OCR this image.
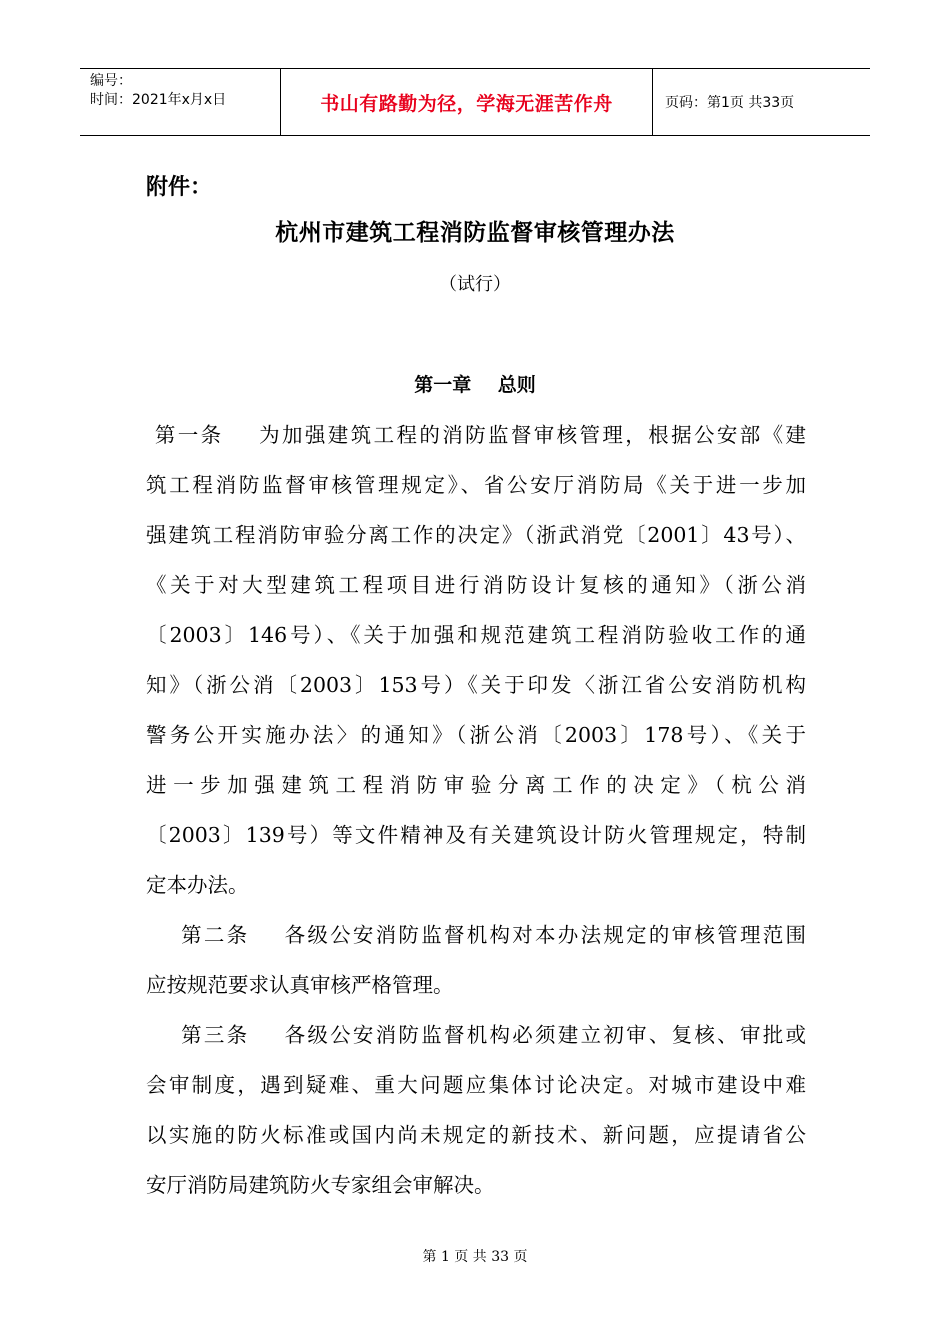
编号：
时间：2021年x月x日	书山有路勤为径，学海无涯苦作舟	页码：第1页 共33页
附件：
杭州市建筑工程消防监督审核管理办法
（试行）
第一章    总则
第一条    为加强建筑工程的消防监督审核管理，根据公安部《建
筑工程消防监督审核管理规定》、省公安厅消防局《关于进一步加
强建筑工程消防审验分离工作的决定》（浙武消党〔2001〕43号）、
《关于对大型建筑工程项目进行消防设计复核的通知》（浙公消
〔2003〕146号）、《关于加强和规范建筑工程消防验收工作的通
知》（浙公消〔2003〕153号）《关于印发〈浙江省公安消防机构
警务公开实施办法〉的通知》（浙公消〔2003〕178号）、《关于
进一步加强建筑工程消防审验分离工作的决定》（杭公消
〔2003〕139号）等文件精神及有关建筑设计防火管理规定，特制
定本办法。
第二条    各级公安消防监督机构对本办法规定的审核管理范围
应按规范要求认真审核严格管理。
第三条    各级公安消防监督机构必须建立初审、复核、审批或
会审制度，遇到疑难、重大问题应集体讨论决定。对城市建设中难
以实施的防火标准或国内尚未规定的新技术、新问题，应提请省公
安厅消防局建筑防火专家组会审解决。
第 1 页 共 33 页
